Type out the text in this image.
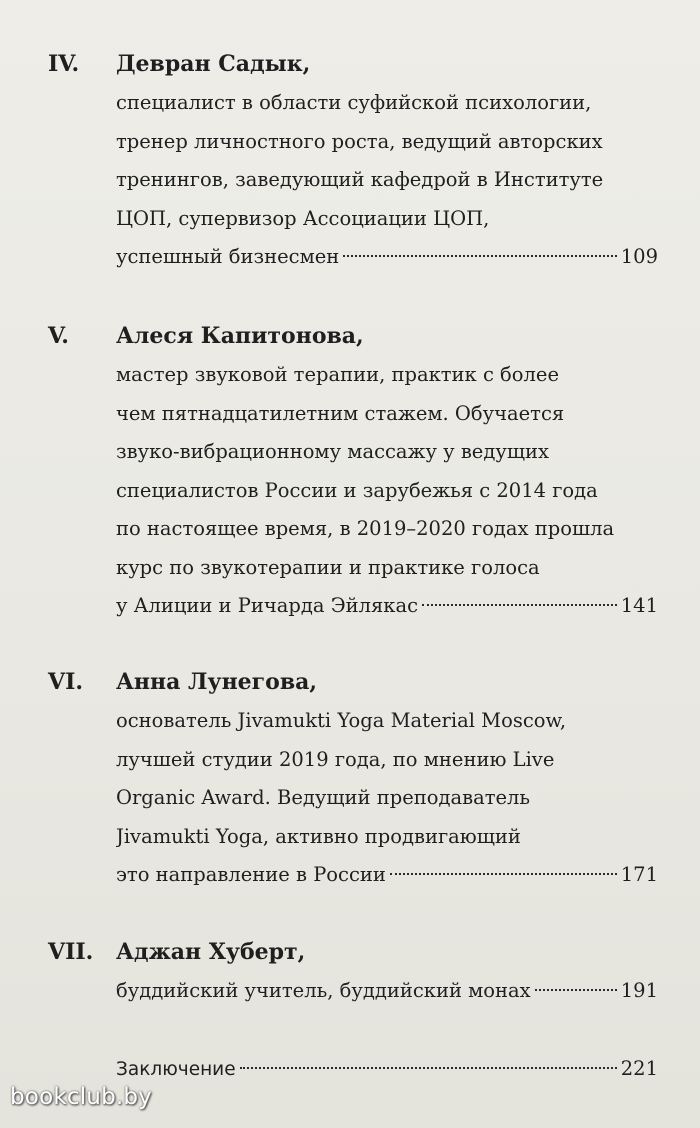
IV. Девран Садык,
специалист в области суфийской психологии,
тренер личностного роста, ведущий авторских
тренингов, заведующий кафедрой в Институте
ЦОП, супервизор Ассоциации ЦОП,
успешный бизнесмен	109
V. Алеся Капитонова,
мастер звуковой терапии, практик с более
чем пятнадцатилетним стажем. Обучается
звуко-вибрационному массажу у ведущих
специалистов России и зарубежья с 2014 года
по настоящее время, в 2019–2020 годах прошла
курс по звукотерапии и практике голоса
у Алиции и Ричарда Эйлякас	141
VI. Анна Лунегова,
основатель Jivamukti Yoga Material Moscow,
лучшей студии 2019 года, по мнению Live
Organic Award. Ведущий преподаватель
Jivamukti Yoga, активно продвигающий
это направление в России	171
VII. Аджан Хуберт,
буддийский учитель, буддийский монах	191
Заключение	221
bookclub.by
